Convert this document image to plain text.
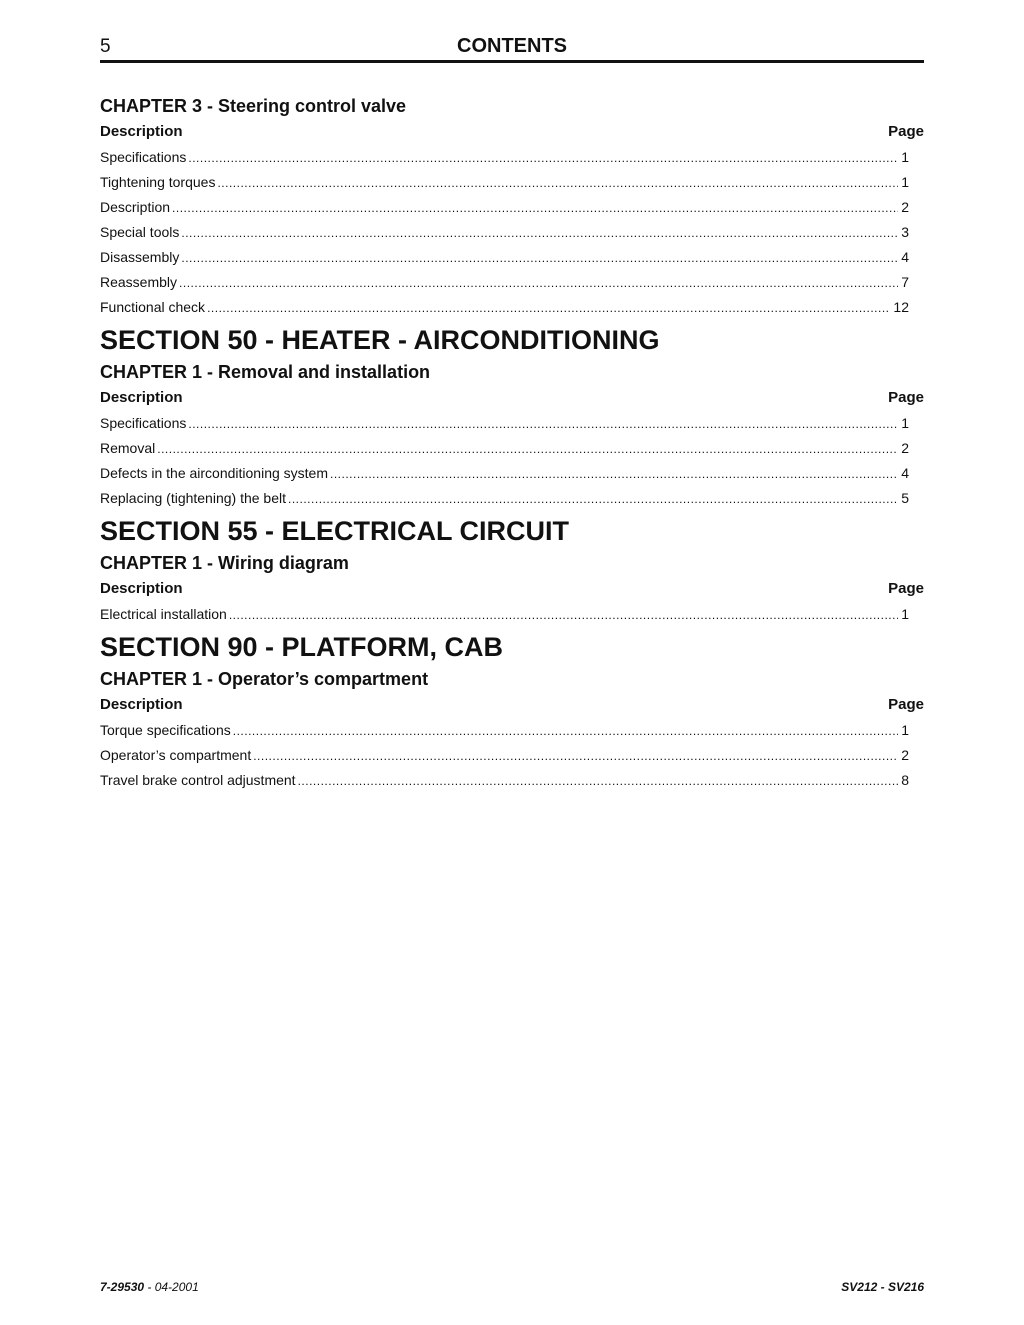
5	CONTENTS
CHAPTER 3 - Steering control valve
Description	Page
Specifications .....	1
Tightening torques .....	1
Description .....	2
Special tools .....	3
Disassembly .....	4
Reassembly .....	7
Functional check .....	12
SECTION 50 - HEATER - AIRCONDITIONING
CHAPTER 1 - Removal and installation
Description	Page
Specifications .....	1
Removal .....	2
Defects in the airconditioning system .....	4
Replacing (tightening) the belt .....	5
SECTION 55 - ELECTRICAL CIRCUIT
CHAPTER 1 - Wiring diagram
Description	Page
Electrical installation .....	1
SECTION 90 - PLATFORM, CAB
CHAPTER 1 - Operator’s compartment
Description	Page
Torque specifications .....	1
Operator’s compartment .....	2
Travel brake control adjustment .....	8
7-29530 - 04-2001	SV212 - SV216
